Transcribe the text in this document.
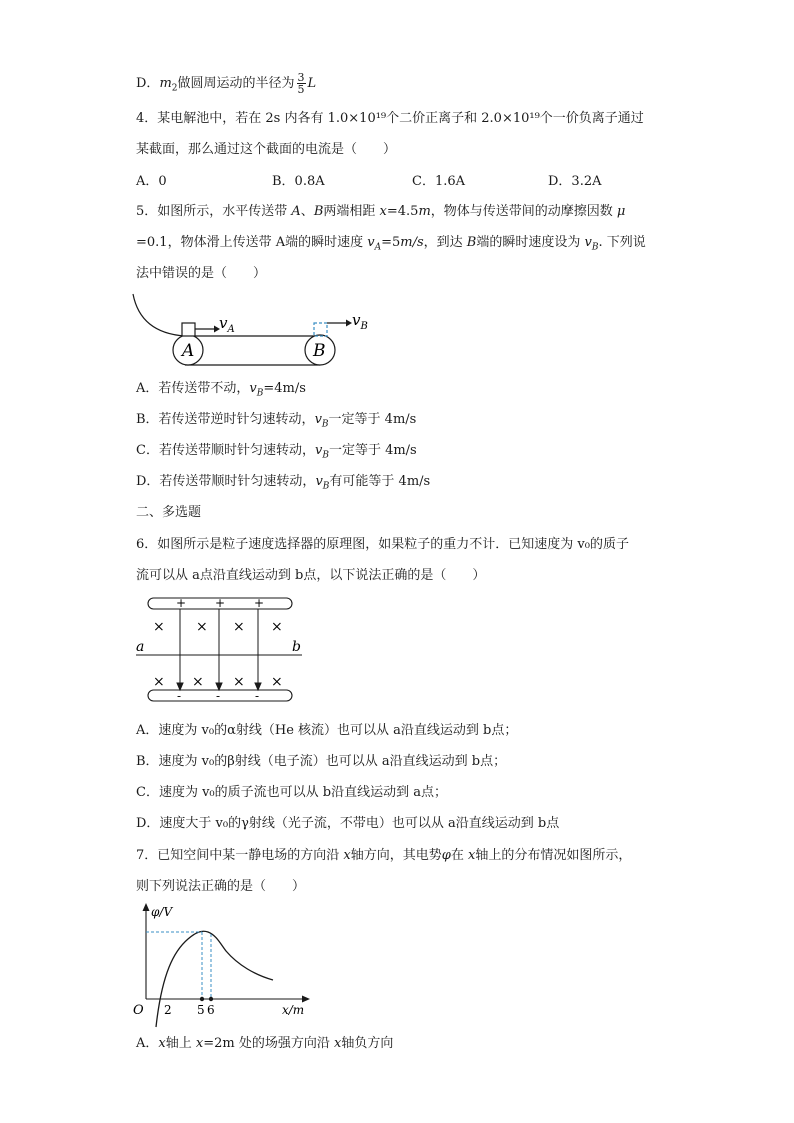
D．$m_2$做圆周运动的半径为 $\frac{3}{5}$ L
4．某电解池中，若在 2s 内各有 1.0×10¹⁹个二价正离子和 2.0×10¹⁹个一价负离子通过
某截面，那么通过这个截面的电流是（　　）
A．0	B．0.8A	C．1.6A	D．3.2A
5．如图所示，水平传送带 A、B两端相距 x=4.5m，物体与传送带间的动摩擦因数 μ
=0.1，物体滑上传送带 A端的瞬时速度 $v_A=5m/s$，到达 B端的瞬时速度设为 $v_B$. 下列说
法中错误的是（　　）
$v_A$
$v_B$
A	B
A．若传送带不动，$v_B=4m/s$
B．若传送带逆时针匀速转动，$v_B$一定等于 4m/s
C．若传送带顺时针匀速转动，$v_B$一定等于 4m/s
D．若传送带顺时针匀速转动，$v_B$有可能等于 4m/s
二、多选题
6．如图所示是粒子速度选择器的原理图，如果粒子的重力不计．已知速度为 v₀的质子
流可以从 a点沿直线运动到 b点，以下说法正确的是（　　）
+ + +
-	-	-
a	b
× × × ×
× × × ×
A．速度为 v₀的α射线（He 核流）也可以从 a沿直线运动到 b点；
B．速度为 v₀的β射线（电子流）也可以从 a沿直线运动到 b点；
C．速度为 v₀的质子流也可以从 b沿直线运动到 a点；
D．速度大于 v₀的γ射线（光子流，不带电）也可以从 a沿直线运动到 b点
7．已知空间中某一静电场的方向沿 x轴方向，其电势φ在 x轴上的分布情况如图所示，
则下列说法正确的是（　　）
φ/V
x/m
O 2 5 6
A．x轴上 x=2m 处的场强方向沿 x轴负方向
